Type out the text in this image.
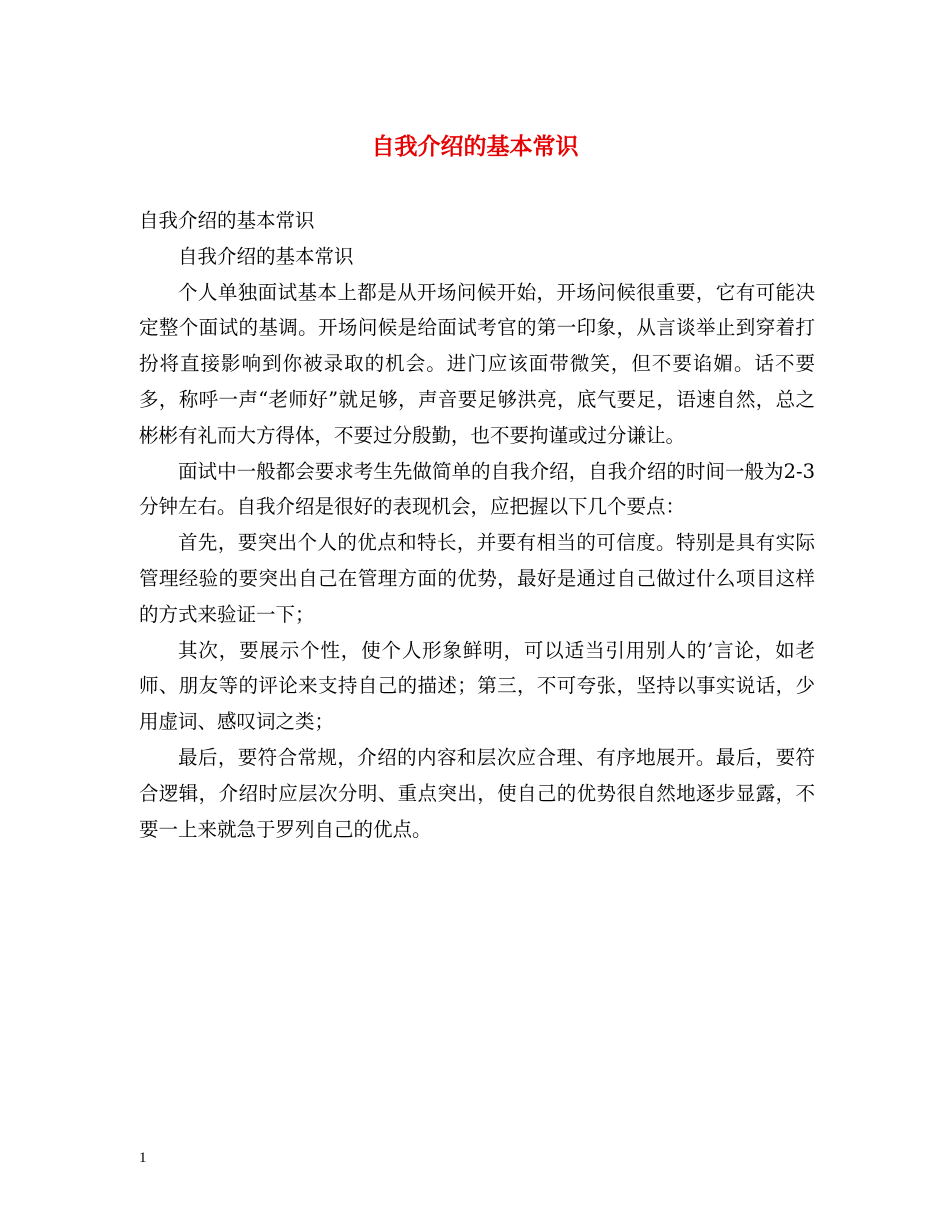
自我介绍的基本常识

自我介绍的基本常识

自我介绍的基本常识

个人单独面试基本上都是从开场问候开始，开场问候很重要，它有可能决定整个面试的基调。开场问候是给面试考官的第一印象，从言谈举止到穿着打扮将直接影响到你被录取的机会。进门应该面带微笑，但不要谄媚。话不要多，称呼一声“老师好”就足够，声音要足够洪亮，底气要足，语速自然，总之彬彬有礼而大方得体，不要过分殷勤，也不要拘谨或过分谦让。

面试中一般都会要求考生先做简单的自我介绍，自我介绍的时间一般为2-3分钟左右。自我介绍是很好的表现机会，应把握以下几个要点：

首先，要突出个人的优点和特长，并要有相当的可信度。特别是具有实际管理经验的要突出自己在管理方面的优势，最好是通过自己做过什么项目这样的方式来验证一下；

其次，要展示个性，使个人形象鲜明，可以适当引用别人的’言论，如老师、朋友等的评论来支持自己的描述；第三，不可夸张，坚持以事实说话，少用虚词、感叹词之类；

最后，要符合常规，介绍的内容和层次应合理、有序地展开。最后，要符合逻辑，介绍时应层次分明、重点突出，使自己的优势很自然地逐步显露，不要一上来就急于罗列自己的优点。

1
